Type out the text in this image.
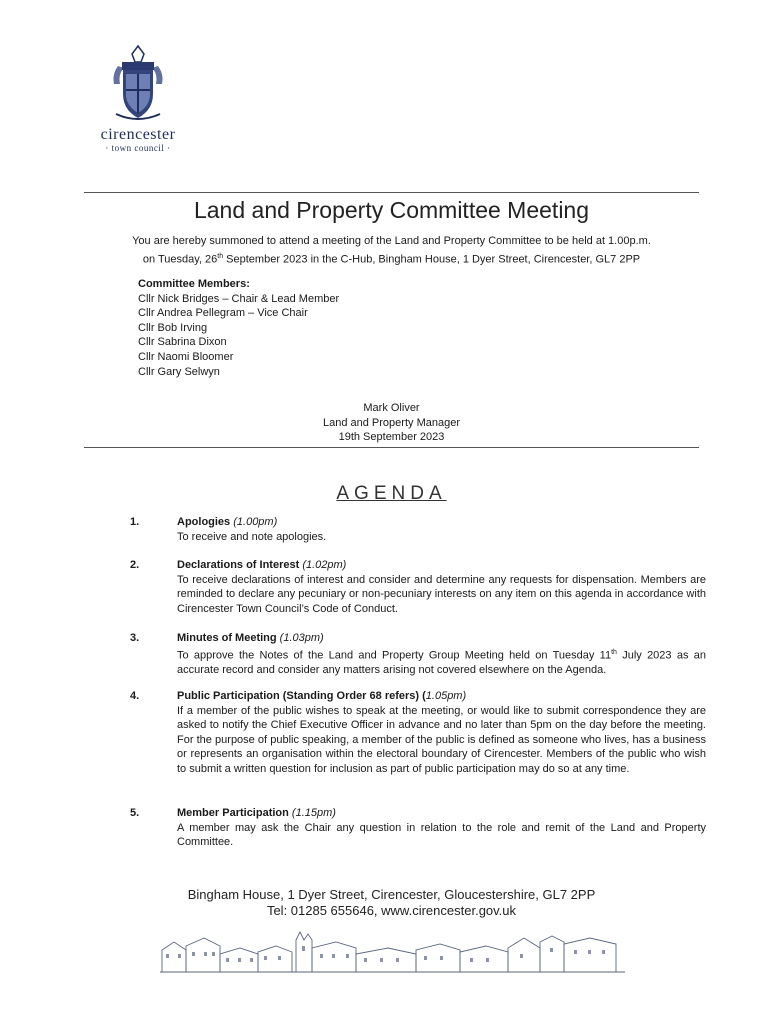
cirencester
· town council ·
Land and Property Committee Meeting
You are hereby summoned to attend a meeting of the Land and Property Committee to be held at 1.00p.m.
on Tuesday, 26th September 2023 in the C-Hub, Bingham House, 1 Dyer Street, Cirencester, GL7 2PP
Committee Members:
Cllr Nick Bridges – Chair & Lead Member
Cllr Andrea Pellegram – Vice Chair
Cllr Bob Irving
Cllr Sabrina Dixon
Cllr Naomi Bloomer
Cllr Gary Selwyn
Mark Oliver
Land and Property Manager
19th September 2023
AGENDA
1.	Apologies (1.00pm)
To receive and note apologies.
2.	Declarations of Interest (1.02pm)
To receive declarations of interest and consider and determine any requests for dispensation. Members are reminded to declare any pecuniary or non-pecuniary interests on any item on this agenda in accordance with Cirencester Town Council’s Code of Conduct.
3.	Minutes of Meeting (1.03pm)
To approve the Notes of the Land and Property Group Meeting held on Tuesday 11th July 2023 as an accurate record and consider any matters arising not covered elsewhere on the Agenda.
4.	Public Participation (Standing Order 68 refers) (1.05pm)
If a member of the public wishes to speak at the meeting, or would like to submit correspondence they are asked to notify the Chief Executive Officer in advance and no later than 5pm on the day before the meeting. For the purpose of public speaking, a member of the public is defined as someone who lives, has a business or represents an organisation within the electoral boundary of Cirencester. Members of the public who wish to submit a written question for inclusion as part of public participation may do so at any time.
5.	Member Participation (1.15pm)
A member may ask the Chair any question in relation to the role and remit of the Land and Property Committee.
Bingham House, 1 Dyer Street, Cirencester, Gloucestershire, GL7 2PP
Tel: 01285 655646, www.cirencester.gov.uk
